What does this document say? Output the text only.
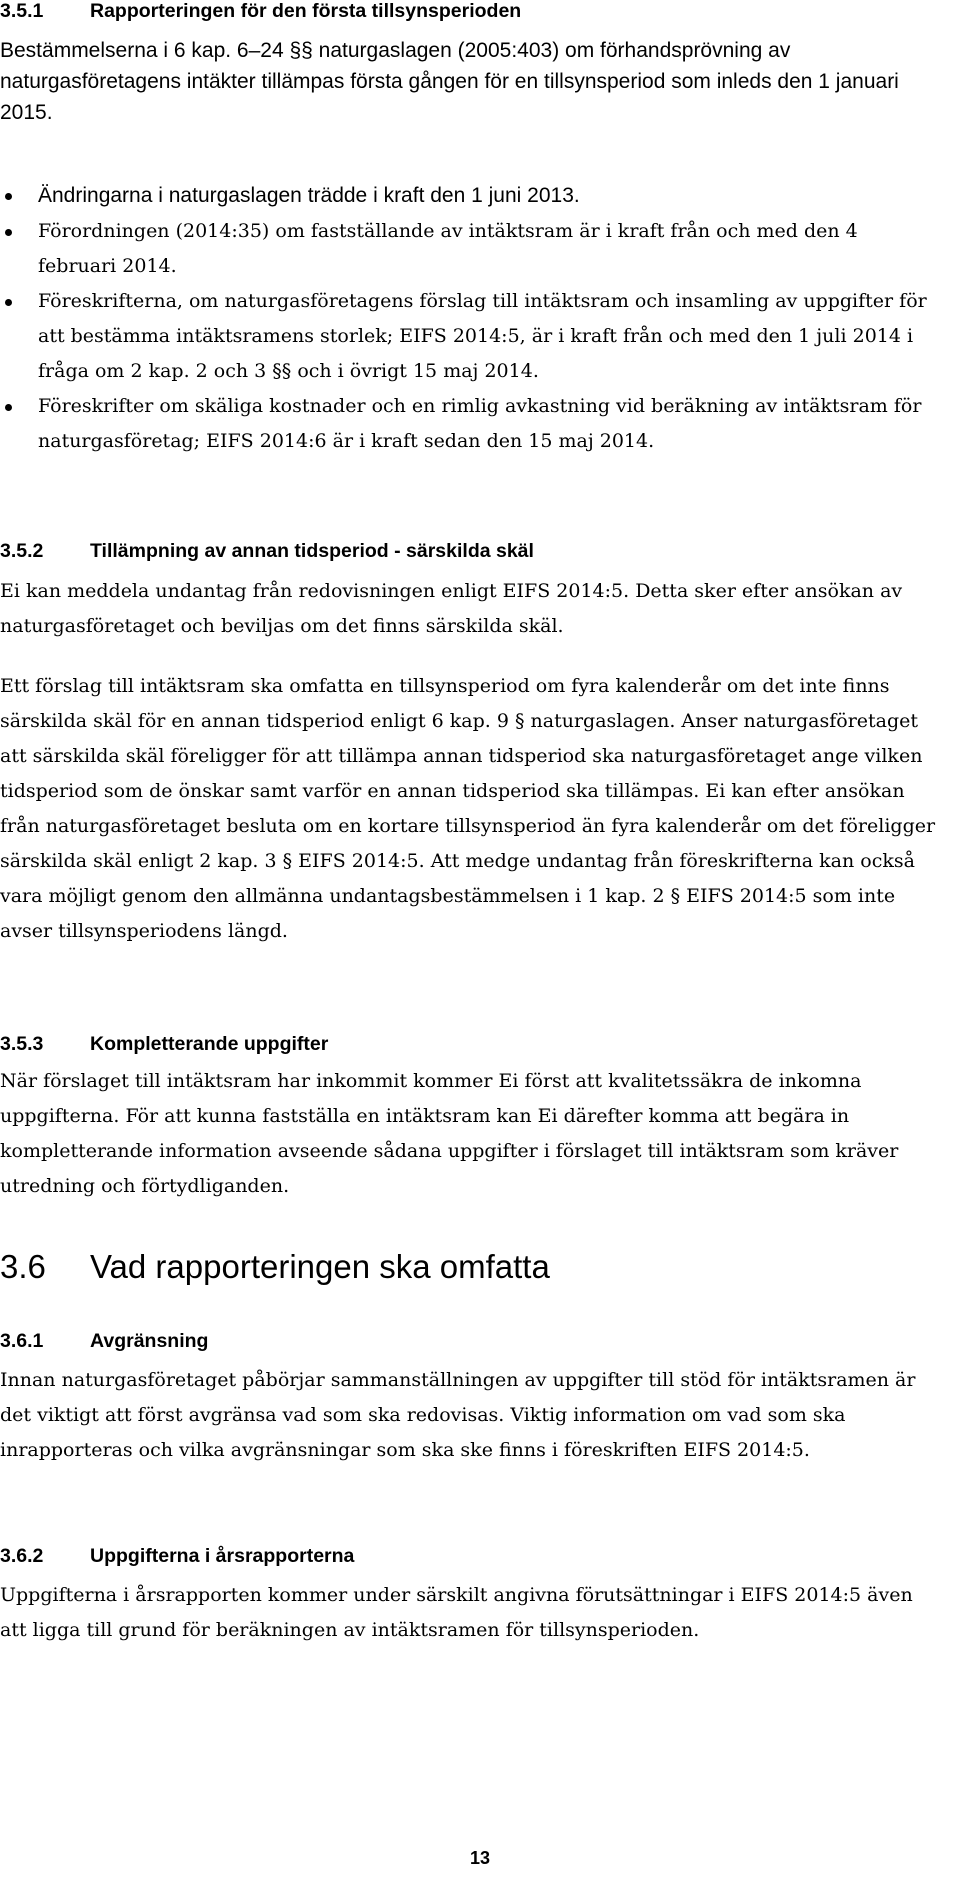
3.5.1 Rapporteringen för den första tillsynsperioden

Bestämmelserna i 6 kap. 6–24 §§ naturgaslagen (2005:403) om förhandsprövning av naturgasföretagens intäkter tillämpas första gången för en tillsynsperiod som inleds den 1 januari 2015.

Ändringarna i naturgaslagen trädde i kraft den 1 juni 2013.
Förordningen (2014:35) om fastställande av intäktsram är i kraft från och med den 4 februari 2014.
Föreskrifterna, om naturgasföretagens förslag till intäktsram och insamling av uppgifter för att bestämma intäktsramens storlek; EIFS 2014:5, är i kraft från och med den 1 juli 2014 i fråga om 2 kap. 2 och 3 §§ och i övrigt 15 maj 2014.
Föreskrifter om skäliga kostnader och en rimlig avkastning vid beräkning av intäktsram för naturgasföretag; EIFS 2014:6 är i kraft sedan den 15 maj 2014.
3.5.2 Tillämpning av annan tidsperiod - särskilda skäl

Ei kan meddela undantag från redovisningen enligt EIFS 2014:5. Detta sker efter ansökan av naturgasföretaget och beviljas om det finns särskilda skäl.

Ett förslag till intäktsram ska omfatta en tillsynsperiod om fyra kalenderår om det inte finns särskilda skäl för en annan tidsperiod enligt 6 kap. 9 § naturgaslagen. Anser naturgasföretaget att särskilda skäl föreligger för att tillämpa annan tidsperiod ska naturgasföretaget ange vilken tidsperiod som de önskar samt varför en annan tidsperiod ska tillämpas. Ei kan efter ansökan från naturgasföretaget besluta om en kortare tillsynsperiod än fyra kalenderår om det föreligger särskilda skäl enligt 2 kap. 3 § EIFS 2014:5. Att medge undantag från föreskrifterna kan också vara möjligt genom den allmänna undantagsbestämmelsen i 1 kap. 2 § EIFS 2014:5 som inte avser tillsynsperiodens längd.

3.5.3 Kompletterande uppgifter

När förslaget till intäktsram har inkommit kommer Ei först att kvalitetssäkra de inkomna uppgifterna. För att kunna fastställa en intäktsram kan Ei därefter komma att begära in kompletterande information avseende sådana uppgifter i förslaget till intäktsram som kräver utredning och förtydliganden.

3.6 Vad rapporteringen ska omfatta
3.6.1 Avgränsning

Innan naturgasföretaget påbörjar sammanställningen av uppgifter till stöd för intäktsramen är det viktigt att först avgränsa vad som ska redovisas. Viktig information om vad som ska inrapporteras och vilka avgränsningar som ska ske finns i föreskriften EIFS 2014:5.

3.6.2 Uppgifterna i årsrapporterna

Uppgifterna i årsrapporten kommer under särskilt angivna förutsättningar i EIFS 2014:5 även att ligga till grund för beräkningen av intäktsramen för tillsynsperioden.

13
